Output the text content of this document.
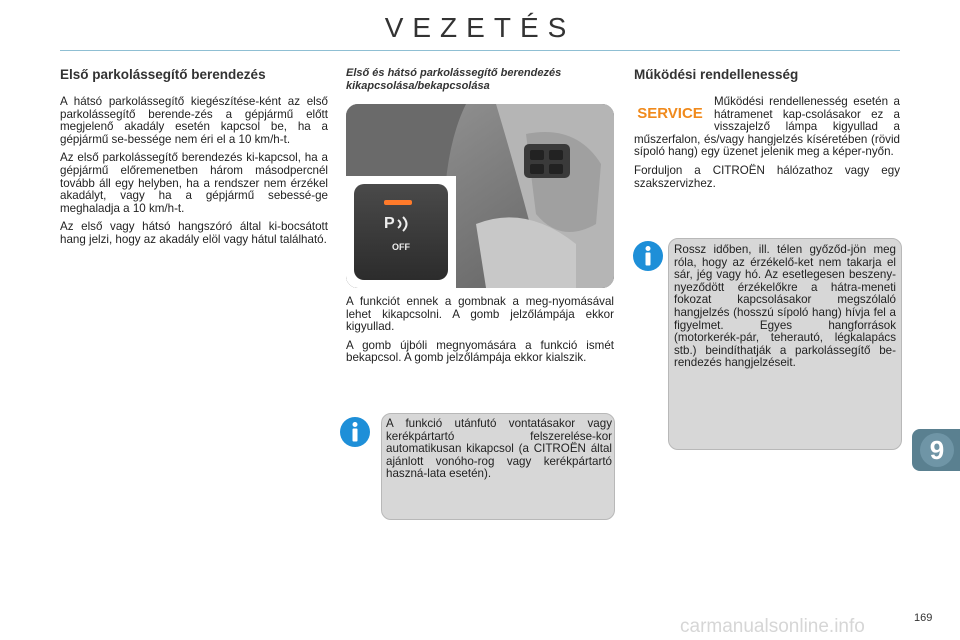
VEZETÉS
Első parkolássegítő berendezés

A hátsó parkolássegítő kiegészítése-ként az első parkolássegítő berende-zés a gépjármű előtt megjelenő akadály esetén kapcsol be, ha a gépjármű se-bessége nem éri el a 10 km/h-t.

Az első parkolássegítő berendezés ki-kapcsol, ha a gépjármű előremenetben három másodpercnél tovább áll egy helyben, ha a rendszer nem érzékel akadályt, vagy ha a gépjármű sebessé-ge meghaladja a 10 km/h-t.

Az első vagy hátsó hangszóró által ki-bocsátott hang jelzi, hogy az akadály elöl vagy hátul található.

Első és hátsó parkolássegítő berendezés kikapcsolása/bekapcsolása
P
OFF

A funkciót ennek a gombnak a meg-nyomásával lehet kikapcsolni. A gomb jelzőlámpája ekkor kigyullad.

A gomb újbóli megnyomására a funkció ismét bekapcsol. A gomb jelzőlámpája ekkor kialszik.

A funkció utánfutó vontatásakor vagy kerékpártartó felszerelése-kor automatikusan kikapcsol (a CITROËN által ajánlott vonóho-rog vagy kerékpártartó haszná-lata esetén).

Működési rendellenesség
SERVICE

Működési rendellenesség esetén a hátramenet kap-csolásakor ez a visszajelző lámpa kigyullad a műszerfalon, és/vagy hangjelzés kíséretében (rövid sípoló hang) egy üzenet jelenik meg a képer-nyőn.

Forduljon a CITROËN hálózathoz vagy egy szakszervizhez.

Rossz időben, ill. télen győződ-jön meg róla, hogy az érzékelő-ket nem takarja el sár, jég vagy hó. Az esetlegesen beszeny-nyeződött érzékelőkre a hátra-meneti fokozat kapcsolásakor megszólaló hangjelzés (hosszú sípoló hang) hívja fel a figyelmet. Egyes hangforrások (motorkerék-pár, teherautó, légkalapács stb.) beindíthatják a parkolássegítő be-rendezés hangjelzéseit.

9
carmanualsonline.info	169
